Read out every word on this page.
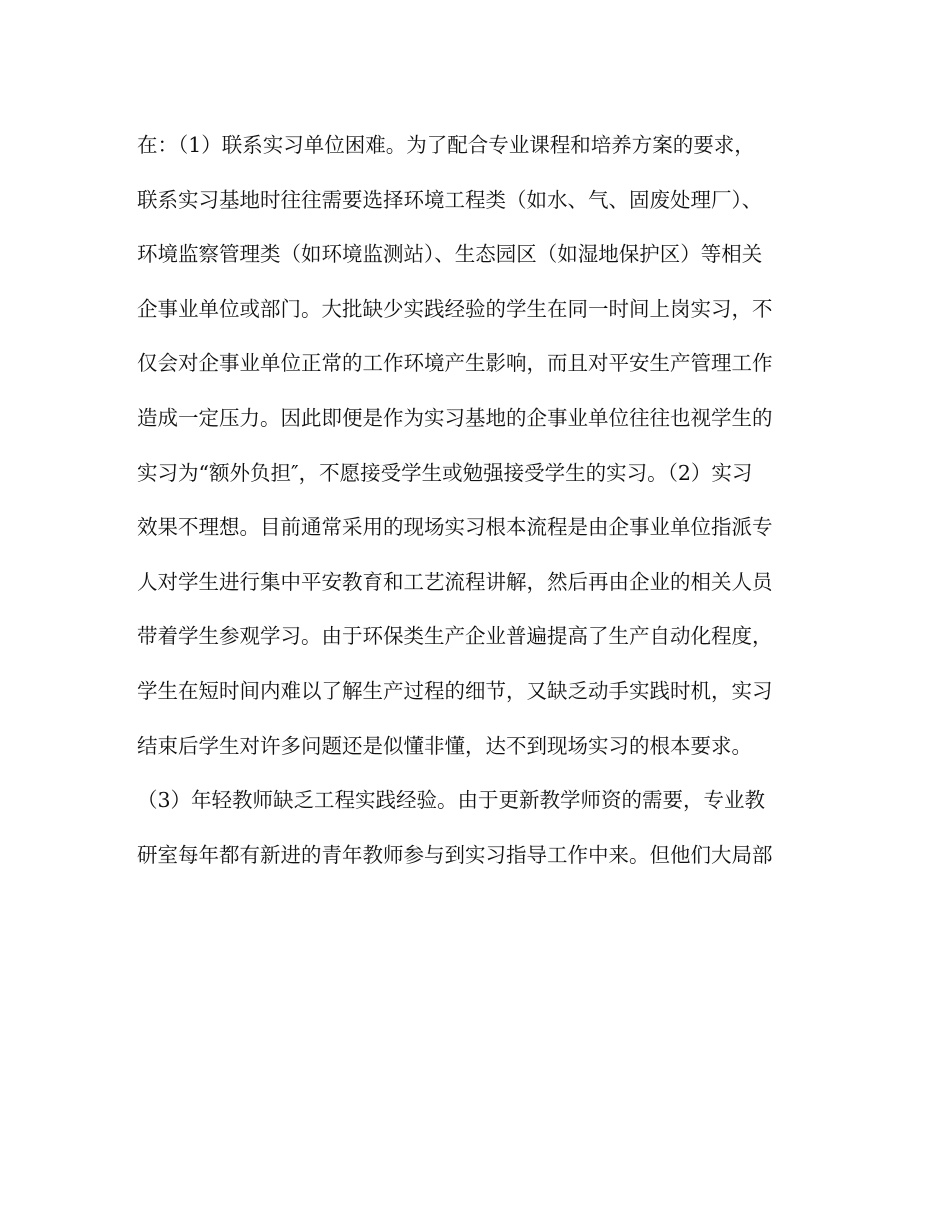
在：（1）联系实习单位困难。为了配合专业课程和培养方案的要求，
联系实习基地时往往需要选择环境工程类（如水、气、固废处理厂）、
环境监察管理类（如环境监测站）、生态园区（如湿地保护区）等相关
企事业单位或部门。大批缺少实践经验的学生在同一时间上岗实习，不
仅会对企事业单位正常的工作环境产生影响，而且对平安生产管理工作
造成一定压力。因此即便是作为实习基地的企事业单位往往也视学生的
实习为“额外负担″，不愿接受学生或勉强接受学生的实习。（2）实习
效果不理想。目前通常采用的现场实习根本流程是由企事业单位指派专
人对学生进行集中平安教育和工艺流程讲解，然后再由企业的相关人员
带着学生参观学习。由于环保类生产企业普遍提高了生产自动化程度，
学生在短时间内难以了解生产过程的细节，又缺乏动手实践时机，实习
结束后学生对许多问题还是似懂非懂，达不到现场实习的根本要求。
（3）年轻教师缺乏工程实践经验。由于更新教学师资的需要，专业教
研室每年都有新进的青年教师参与到实习指导工作中来。但他们大局部
